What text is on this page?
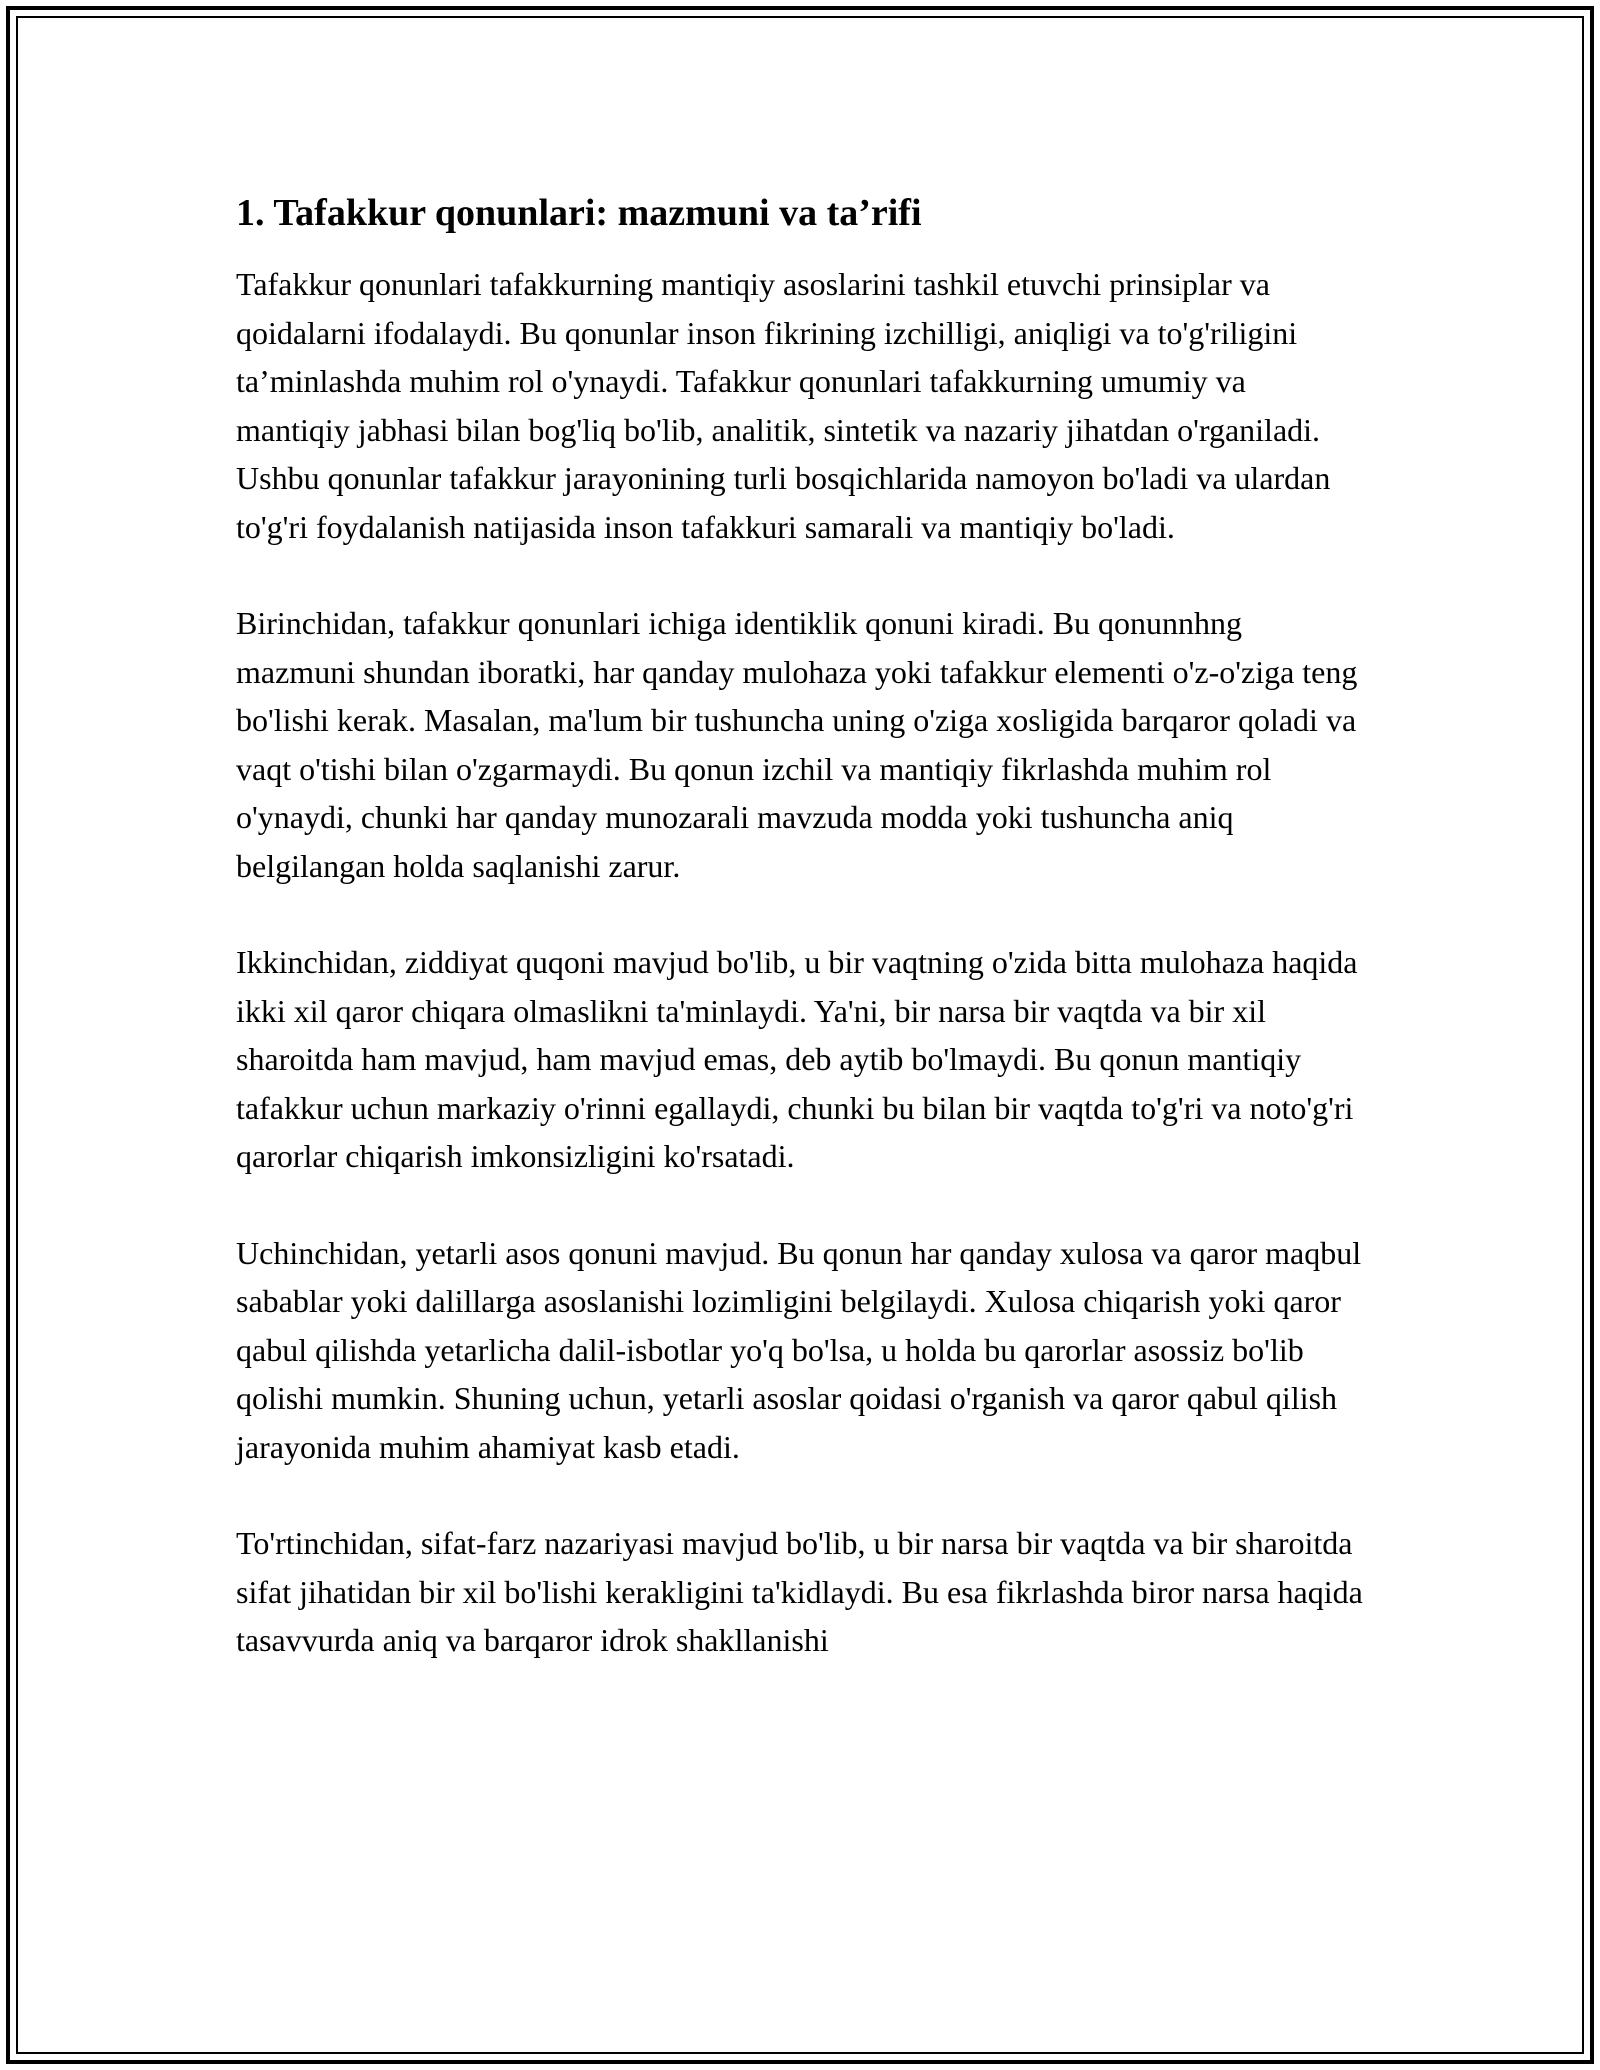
1. Tafakkur qonunlari: mazmuni va ta’rifi

Tafakkur qonunlari tafakkurning mantiqiy asoslarini tashkil etuvchi prinsiplar va qoidalarni ifodalaydi. Bu qonunlar inson fikrining izchilligi, aniqligi va to'g'riligini ta’minlashda muhim rol o'ynaydi. Tafakkur qonunlari tafakkurning umumiy va mantiqiy jabhasi bilan bog'liq bo'lib, analitik, sintetik va nazariy jihatdan o'rganiladi. Ushbu qonunlar tafakkur jarayonining turli bosqichlarida namoyon bo'ladi va ulardan to'g'ri foydalanish natijasida inson tafakkuri samarali va mantiqiy bo'ladi.

Birinchidan, tafakkur qonunlari ichiga identiklik qonuni kiradi. Bu qonunnhng mazmuni shundan iboratki, har qanday mulohaza yoki tafakkur elementi o'z-o'ziga teng bo'lishi kerak. Masalan, ma'lum bir tushuncha uning o'ziga xosligida barqaror qoladi va vaqt o'tishi bilan o'zgarmaydi. Bu qonun izchil va mantiqiy fikrlashda muhim rol o'ynaydi, chunki har qanday munozarali mavzuda modda yoki tushuncha aniq belgilangan holda saqlanishi zarur.

Ikkinchidan, ziddiyat quqoni mavjud bo'lib, u bir vaqtning o'zida bitta mulohaza haqida ikki xil qaror chiqara olmaslikni ta'minlaydi. Ya'ni, bir narsa bir vaqtda va bir xil sharoitda ham mavjud, ham mavjud emas, deb aytib bo'lmaydi. Bu qonun mantiqiy tafakkur uchun markaziy o'rinni egallaydi, chunki bu bilan bir vaqtda to'g'ri va noto'g'ri qarorlar chiqarish imkonsizligini ko'rsatadi.

Uchinchidan, yetarli asos qonuni mavjud. Bu qonun har qanday xulosa va qaror maqbul sabablar yoki dalillarga asoslanishi lozimligini belgilaydi. Xulosa chiqarish yoki qaror qabul qilishda yetarlicha dalil-isbotlar yo'q bo'lsa, u holda bu qarorlar asossiz bo'lib qolishi mumkin. Shuning uchun, yetarli asoslar qoidasi o'rganish va qaror qabul qilish jarayonida muhim ahamiyat kasb etadi.

To'rtinchidan, sifat-farz nazariyasi mavjud bo'lib, u bir narsa bir vaqtda va bir sharoitda sifat jihatidan bir xil bo'lishi kerakligini ta'kidlaydi. Bu esa fikrlashda biror narsa haqida tasavvurda aniq va barqaror idrok shakllanishi
